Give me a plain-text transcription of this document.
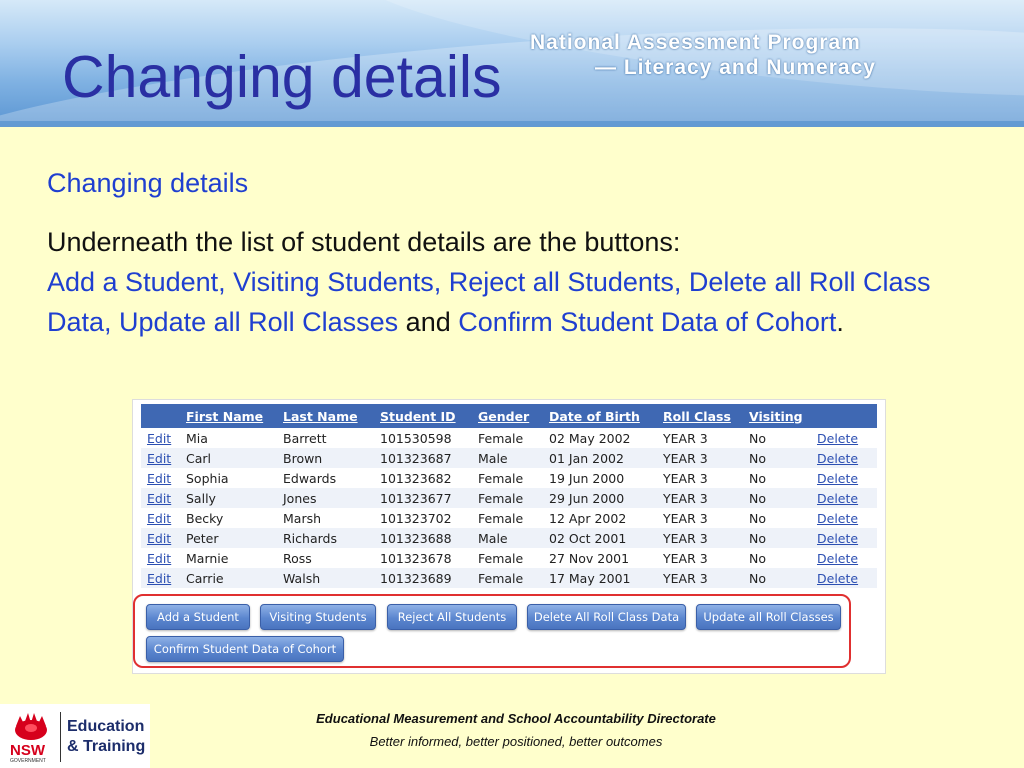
Changing details
National Assessment Program
— Literacy and Numeracy
Changing details
Underneath the list of student details are the buttons:
Add a Student, Visiting Students, Reject all Students, Delete all Roll Class Data, Update all Roll Classes and Confirm Student Data of Cohort.
	First Name	Last Name	Student ID	Gender	Date of Birth	Roll Class	Visiting	
Edit	Mia	Barrett	101530598	Female	02 May 2002	YEAR 3	No	Delete
Edit	Carl	Brown	101323687	Male	01 Jan 2002	YEAR 3	No	Delete
Edit	Sophia	Edwards	101323682	Female	19 Jun 2000	YEAR 3	No	Delete
Edit	Sally	Jones	101323677	Female	29 Jun 2000	YEAR 3	No	Delete
Edit	Becky	Marsh	101323702	Female	12 Apr 2002	YEAR 3	No	Delete
Edit	Peter	Richards	101323688	Male	02 Oct 2001	YEAR 3	No	Delete
Edit	Marnie	Ross	101323678	Female	27 Nov 2001	YEAR 3	No	Delete
Edit	Carrie	Walsh	101323689	Female	17 May 2001	YEAR 3	No	Delete
Add a Student	Visiting Students	Reject All Students	Delete All Roll Class Data	Update all Roll Classes
Confirm Student Data of Cohort
NSW
GOVERNMENT
Education
& Training
Educational Measurement and School Accountability Directorate
Better informed, better positioned, better outcomes
